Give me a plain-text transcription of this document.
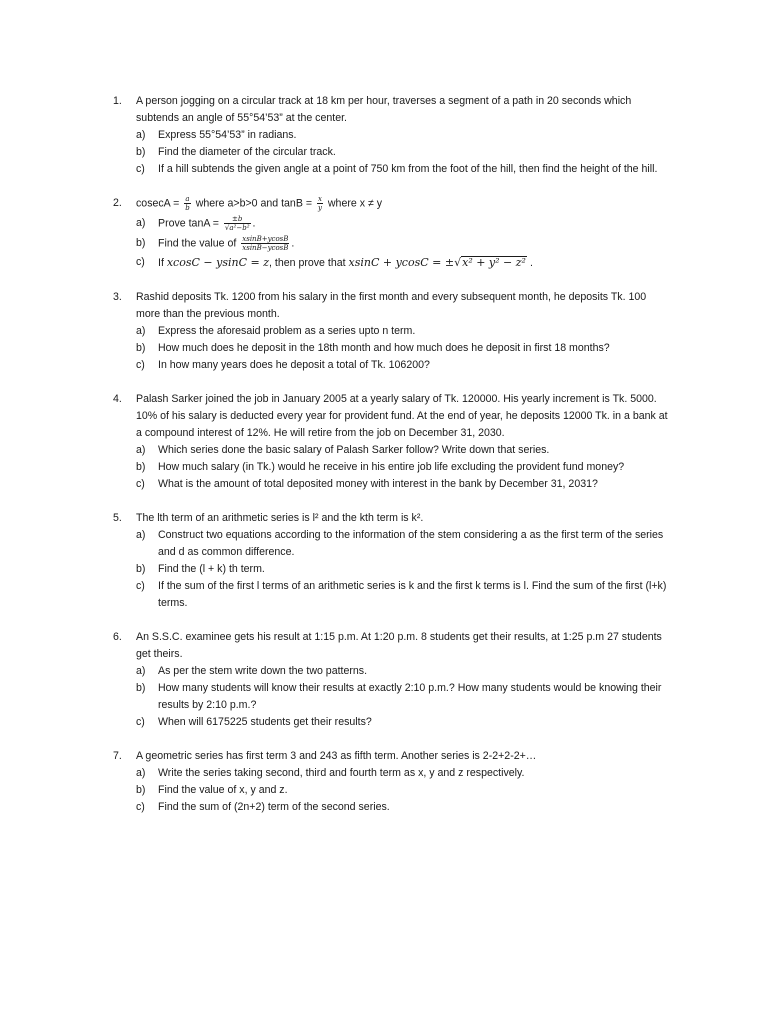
1. A person jogging on a circular track at 18 km per hour, traverses a segment of a path in 20 seconds which subtends an angle of 55°54’53” at the center.
a) Express 55°54’53” in radians.
b) Find the diameter of the circular track.
c) If a hill subtends the given angle at a point of 750 km from the foot of the hill, then find the height of the hill.
2. $cosecA = \frac{a}{b}$ where a>b>0 and $\tan B = \frac{x}{y}$ where x ≠ y
a) Prove $\tan A = \frac{\pm b}{\text{√a²−b²}}$ .
b) Find the value of $\frac{xsinB+ycosB}{xsinB-ycosB}$ .
c) If xcosC − ysinC = z, then prove that xsinC + ycosC = ±√x² + y² − z² .
3. Rashid deposits Tk. 1200 from his salary in the first month and every subsequent month, he deposits Tk. 100 more than the previous month.
a) Express the aforesaid problem as a series upto n term.
b) How much does he deposit in the 18th month and how much does he deposit in first 18 months?
c) In how many years does he deposit a total of Tk. 106200?
4. Palash Sarker joined the job in January 2005 at a yearly salary of Tk. 120000. His yearly increment is Tk. 5000. 10% of his salary is deducted every year for provident fund. At the end of year, he deposits 12000 Tk. in a bank at a compound interest of 12%. He will retire from the job on December 31, 2030.
a) Which series done the basic salary of Palash Sarker follow? Write down that series.
b) How much salary (in Tk.) would he receive in his entire job life excluding the provident fund money?
c) What is the amount of total deposited money with interest in the bank by December 31, 2031?
5. The lth term of an arithmetic series is l² and the kth term is k².
a) Construct two equations according to the information of the stem considering a as the first term of the series and d as common difference.
b) Find the (l + k) th term.
c) If the sum of the first l terms of an arithmetic series is k and the first k terms is l. Find the sum of the first (l+k) terms.
6. An S.S.C. examinee gets his result at 1:15 p.m. At 1:20 p.m. 8 students get their results, at 1:25 p.m 27 students get theirs.
a) As per the stem write down the two patterns.
b) How many students will know their results at exactly 2:10 p.m.? How many students would be knowing their results by 2:10 p.m.?
c) When will 6175225 students get their results?
7. A geometric series has first term 3 and 243 as fifth term. Another series is 2-2+2-2+…
a) Write the series taking second, third and fourth term as x, y and z respectively.
b) Find the value of x, y and z.
c) Find the sum of (2n+2) term of the second series.
